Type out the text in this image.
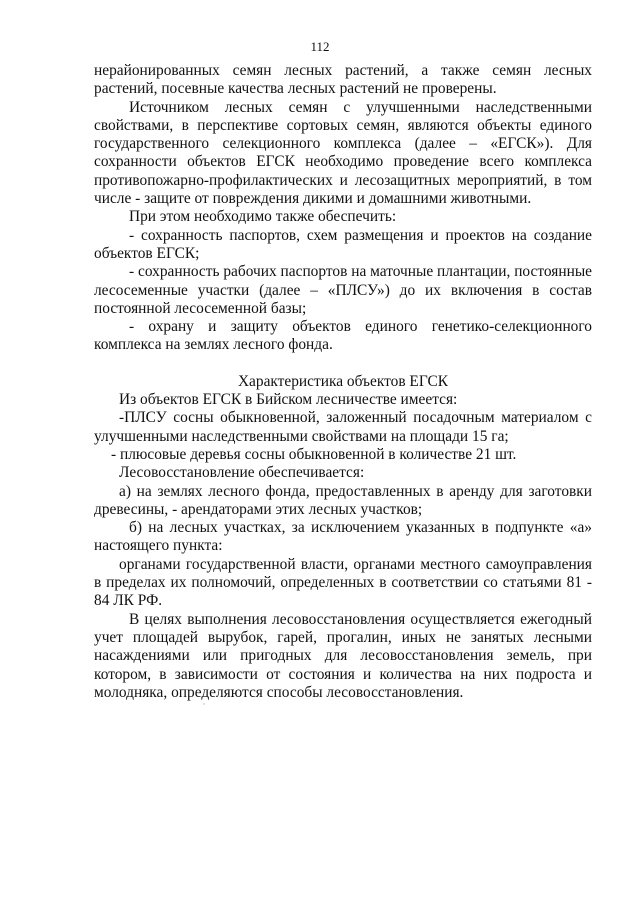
112

нерайонированных семян лесных растений, а также семян лесных растений, посевные качества лесных растений не проверены.

Источником лесных семян с улучшенными наследственными свойствами, в перспективе сортовых семян, являются объекты единого государственного селекционного комплекса (далее – «ЕГСК»). Для сохранности объектов ЕГСК необходимо проведение всего комплекса противопожарно-профилактических и лесозащитных мероприятий, в том числе - защите от повреждения дикими и домашними животными.

При этом необходимо также обеспечить:

- сохранность паспортов, схем размещения и проектов на создание объектов ЕГСК;

- сохранность рабочих паспортов на маточные плантации, постоянные лесосеменные участки (далее – «ПЛСУ») до их включения в состав постоянной лесосеменной базы;

- охрану и защиту объектов единого генетико-селекционного комплекса на землях лесного фонда.

Характеристика объектов ЕГСК

Из объектов ЕГСК в Бийском лесничестве имеется:

-ПЛСУ сосны обыкновенной, заложенный посадочным материалом с улучшенными наследственными свойствами на площади 15 га;

- плюсовые деревья сосны обыкновенной в количестве 21 шт.

Лесовосстановление обеспечивается:

а) на землях лесного фонда, предоставленных в аренду для заготовки древесины, - арендаторами этих лесных участков;

б) на лесных участках, за исключением указанных в подпункте «а» настоящего пункта:

органами государственной власти, органами местного самоуправления в пределах их полномочий, определенных в соответствии со статьями 81 - 84 ЛК РФ.

В целях выполнения лесовосстановления осуществляется ежегодный учет площадей вырубок, гарей, прогалин, иных не занятых лесными насаждениями или пригодных для лесовосстановления земель, при котором, в зависимости от состояния и количества на них подроста и молодняка, определяются способы лесовосстановления.
